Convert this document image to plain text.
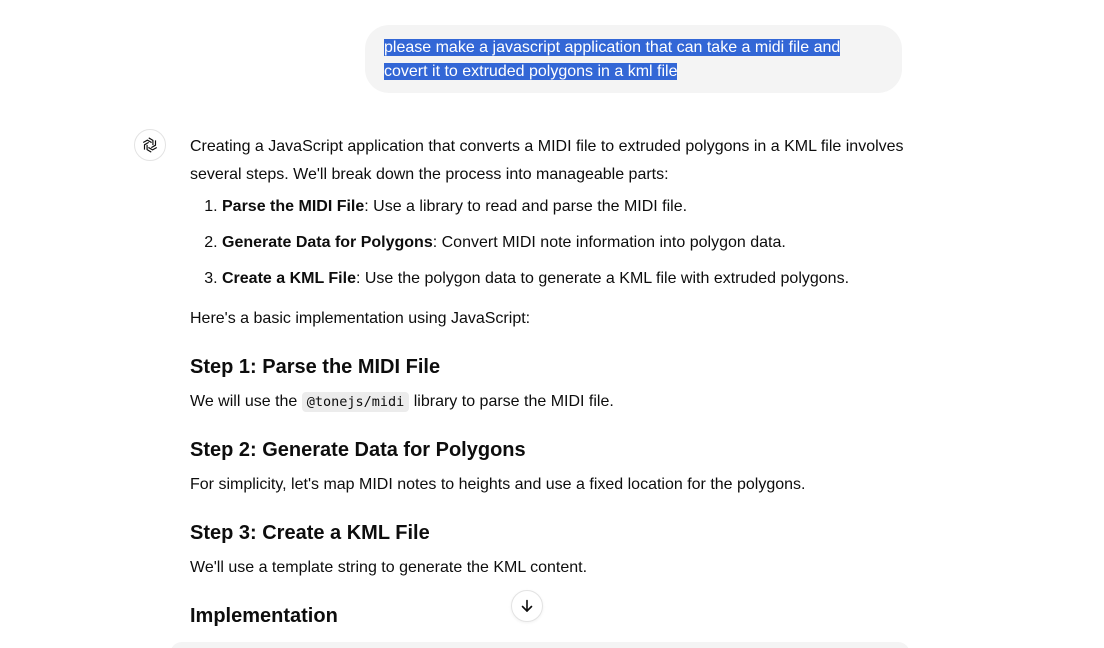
please make a javascript application that can take a midi file and
covert it to extruded polygons in a kml file

Creating a JavaScript application that converts a MIDI file to extruded polygons in a KML file involves several steps. We'll break down the process into manageable parts:

1. Parse the MIDI File: Use a library to read and parse the MIDI file.
2. Generate Data for Polygons: Convert MIDI note information into polygon data.
3. Create a KML File: Use the polygon data to generate a KML file with extruded polygons.

Here's a basic implementation using JavaScript:

Step 1: Parse the MIDI File

We will use the @tonejs/midi library to parse the MIDI file.

Step 2: Generate Data for Polygons

For simplicity, let's map MIDI notes to heights and use a fixed location for the polygons.

Step 3: Create a KML File

We'll use a template string to generate the KML content.

Implementation
